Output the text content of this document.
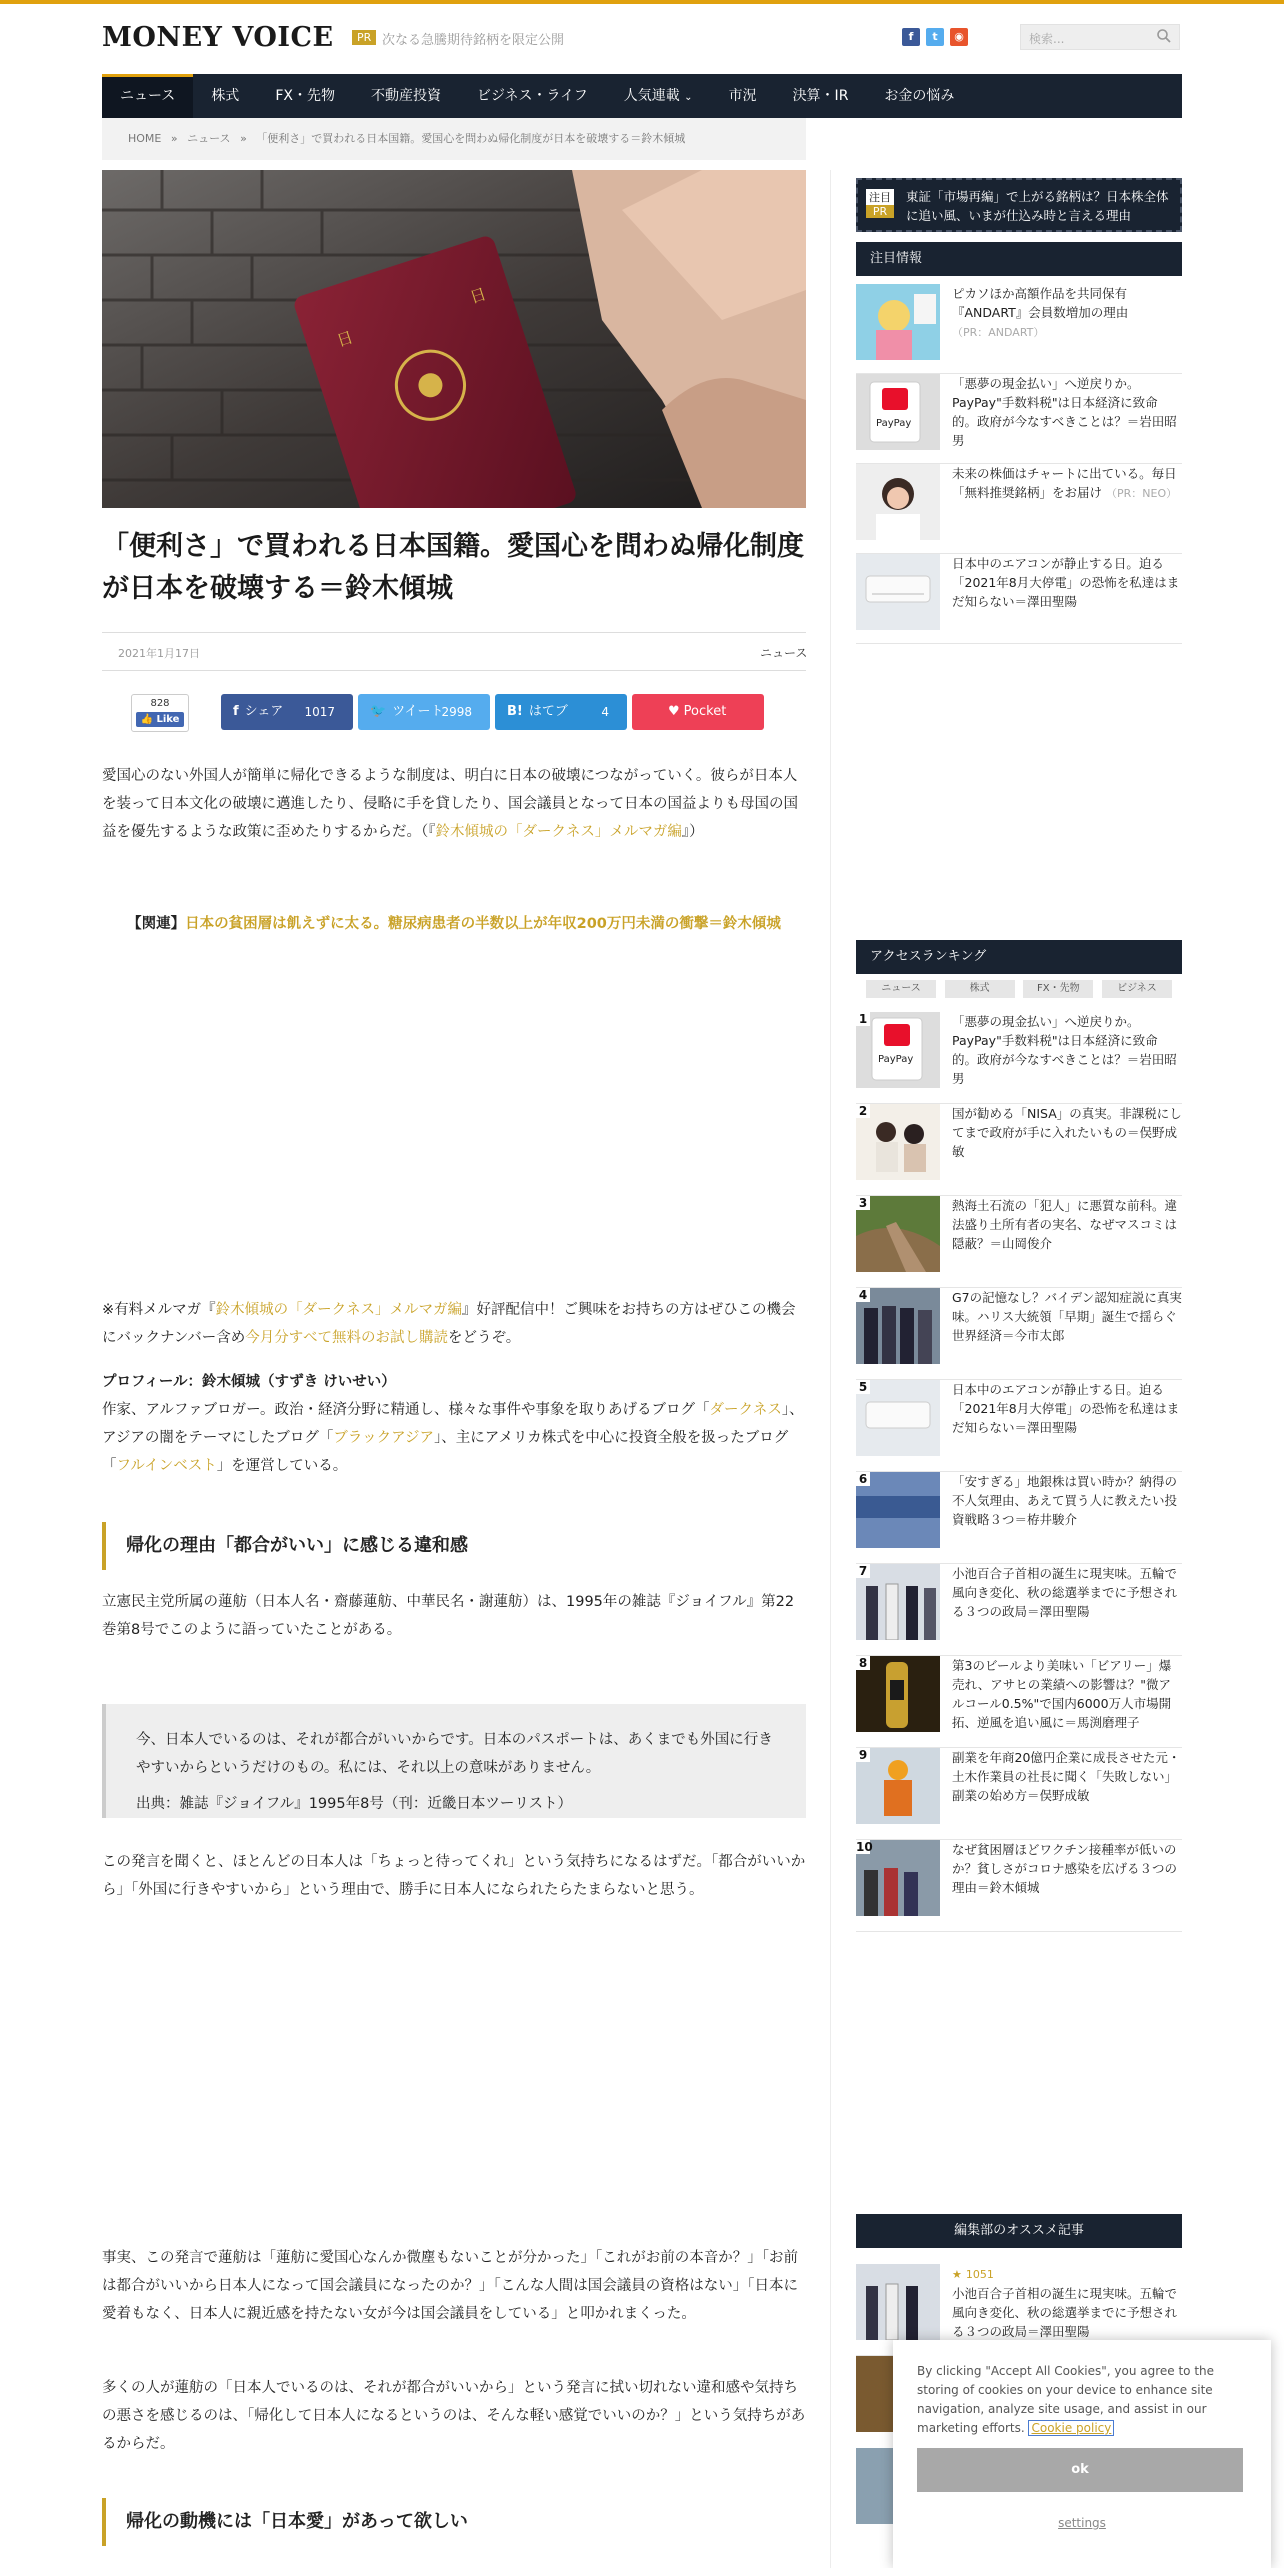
MONEY VOICE	PR 次なる急騰期待銘柄を限定公開	f	t	◉	検索...
ニュース	株式	FX・先物	不動産投資	ビジネス・ライフ	人気連載 ⌄	市況	決算・IR	お金の悩み
HOME » ニュース » 「便利さ」で買われる日本国籍。愛国心を問わぬ帰化制度が日本を破壊する＝鈴木傾城
日
日
「便利さ」で買われる日本国籍。愛国心を問わぬ帰化制度が日本を破壊する＝鈴木傾城
2021年1月17日	ニュース
828
👍 Like
f シェア 1017	🐦 ツイート
2998	B! はてブ	4	♥ Pocket

愛国心のない外国人が簡単に帰化できるような制度は、明白に日本の破壊につながっていく。彼らが日本人を装って日本文化の破壊に邁進したり、侵略に手を貸したり、国会議員となって日本の国益よりも母国の国益を優先するような政策に歪めたりするからだ。（『鈴木傾城の「ダークネス」メルマガ編』）

【関連】日本の貧困層は飢えずに太る。糖尿病患者の半数以上が年収200万円未満の衝撃＝鈴木傾城

※有料メルマガ『鈴木傾城の「ダークネス」メルマガ編』好評配信中！ご興味をお持ちの方はぜひこの機会にバックナンバー含め今月分すべて無料のお試し購読をどうぞ。

プロフィール：鈴木傾城（すずき けいせい）

作家、アルファブロガー。政治・経済分野に精通し、様々な事件や事象を取りあげるブログ「ダークネス」、アジアの闇をテーマにしたブログ「ブラックアジア」、主にアメリカ株式を中心に投資全般を扱ったブログ「フルインベスト」を運営している。

帰化の理由「都合がいい」に感じる違和感

立憲民主党所属の蓮舫（日本人名・齋藤蓮舫、中華民名・謝蓮舫）は、1995年の雑誌『ジョイフル』第22巻第8号でこのように語っていたことがある。

今、日本人でいるのは、それが都合がいいからです。日本のパスポートは、あくまでも外国に行きやすいからというだけのもの。私には、それ以上の意味がありません。

出典：雑誌『ジョイフル』1995年8号（刊：近畿日本ツーリスト）

この発言を聞くと、ほとんどの日本人は「ちょっと待ってくれ」という気持ちになるはずだ。「都合がいいから」「外国に行きやすいから」という理由で、勝手に日本人になられたらたまらないと思う。

事実、この発言で蓮舫は「蓮舫に愛国心なんか微塵もないことが分かった」「これがお前の本音か？」「お前は都合がいいから日本人になって国会議員になったのか？」「こんな人間は国会議員の資格はない」「日本に愛着もなく、日本人に親近感を持たない女が今は国会議員をしている」と叩かれまくった。

多くの人が蓮舫の「日本人でいるのは、それが都合がいいから」という発言に拭い切れない違和感や気持ちの悪さを感じるのは、「帰化して日本人になるというのは、そんな軽い感覚でいいのか？」という気持ちがあるからだ。

帰化の動機には「日本愛」があって欲しい
注目
PR
東証「市場再編」で上がる銘柄は？日本株全体に追い風、いまが仕込み時と言える理由
注目情報
ピカソほか高額作品を共同保有『ANDART』会員数増加の理由
（PR：ANDART）
PayPay
「悪夢の現金払い」へ逆戻りか。PayPay"手数料税"は日本経済に致命的。政府が今なすべきことは？＝岩田昭男
未来の株価はチャートに出ている。毎日「無料推奨銘柄」をお届け （PR：NEO）
日本中のエアコンが静止する日。迫る「2021年8月大停電」の恐怖を私達はまだ知らない＝澤田聖陽
アクセスランキング
ニュース	株式	FX・先物	ビジネス
1
PayPay
「悪夢の現金払い」へ逆戻りか。PayPay"手数料税"は日本経済に致命的。政府が今なすべきことは？＝岩田昭男
2	国が勧める「NISA」の真実。非課税にしてまで政府が手に入れたいもの＝俣野成敏
3	熱海土石流の「犯人」に悪質な前科。違法盛り土所有者の実名、なぜマスコミは隠蔽？＝山岡俊介
4	G7の記憶なし？バイデン認知症説に真実味。ハリス大統領「早期」誕生で揺らぐ世界経済＝今市太郎
5	日本中のエアコンが静止する日。迫る「2021年8月大停電」の恐怖を私達はまだ知らない＝澤田聖陽
6	「安すぎる」地銀株は買い時か？納得の不人気理由、あえて買う人に教えたい投資戦略３つ＝栫井駿介
7	小池百合子首相の誕生に現実味。五輪で風向き変化、秋の総選挙までに予想される３つの政局＝澤田聖陽
8	第3のビールより美味い「ビアリー」爆売れ、アサヒの業績への影響は？"微アルコール0.5%"で国内6000万人市場開拓、逆風を追い風に＝馬渕磨理子
9	副業を年商20億円企業に成長させた元・土木作業員の社長に聞く「失敗しない」副業の始め方＝俣野成敏
10	なぜ貧困層ほどワクチン接種率が低いのか？貧しさがコロナ感染を広げる３つの理由＝鈴木傾城
編集部のオススメ記事
★ 1051
小池百合子首相の誕生に現実味。五輪で風向き変化、秋の総選挙までに予想される３つの政局＝澤田聖陽

By clicking "Accept All Cookies", you agree to the storing of cookies on your device to enhance site navigation, analyze site usage, and assist in our marketing efforts. Cookie policy

ok
settings
